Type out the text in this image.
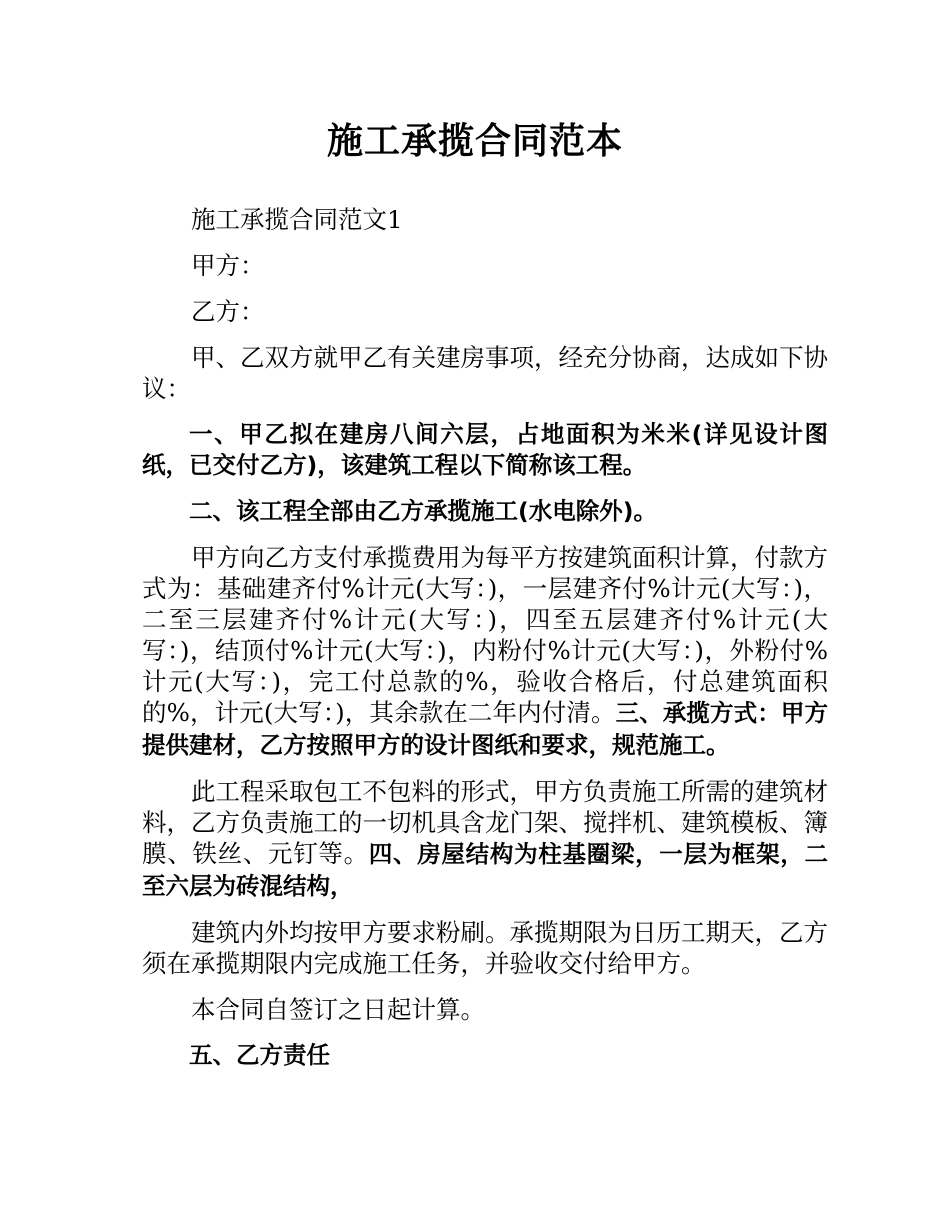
施工承揽合同范本

施工承揽合同范文1

甲方：

乙方：

甲、乙双方就甲乙有关建房事项，经充分协商，达成如下协议：

一、甲乙拟在建房八间六层，占地面积为米米(详见设计图纸，已交付乙方)，该建筑工程以下简称该工程。

二、该工程全部由乙方承揽施工(水电除外)。

甲方向乙方支付承揽费用为每平方按建筑面积计算，付款方式为：基础建齐付%计元(大写：)，一层建齐付%计元(大写：)，二至三层建齐付%计元(大写：)，四至五层建齐付%计元(大写：)，结顶付%计元(大写：)，内粉付%计元(大写：)，外粉付%计元(大写：)，完工付总款的%，验收合格后，付总建筑面积的%，计元(大写：)，其余款在二年内付清。三、承揽方式：甲方提供建材，乙方按照甲方的设计图纸和要求，规范施工。

此工程采取包工不包料的形式，甲方负责施工所需的建筑材料，乙方负责施工的一切机具含龙门架、搅拌机、建筑模板、簿膜、铁丝、元钉等。四、房屋结构为柱基圈梁，一层为框架，二至六层为砖混结构，

建筑内外均按甲方要求粉刷。承揽期限为日历工期天，乙方须在承揽期限内完成施工任务，并验收交付给甲方。

本合同自签订之日起计算。

五、乙方责任
